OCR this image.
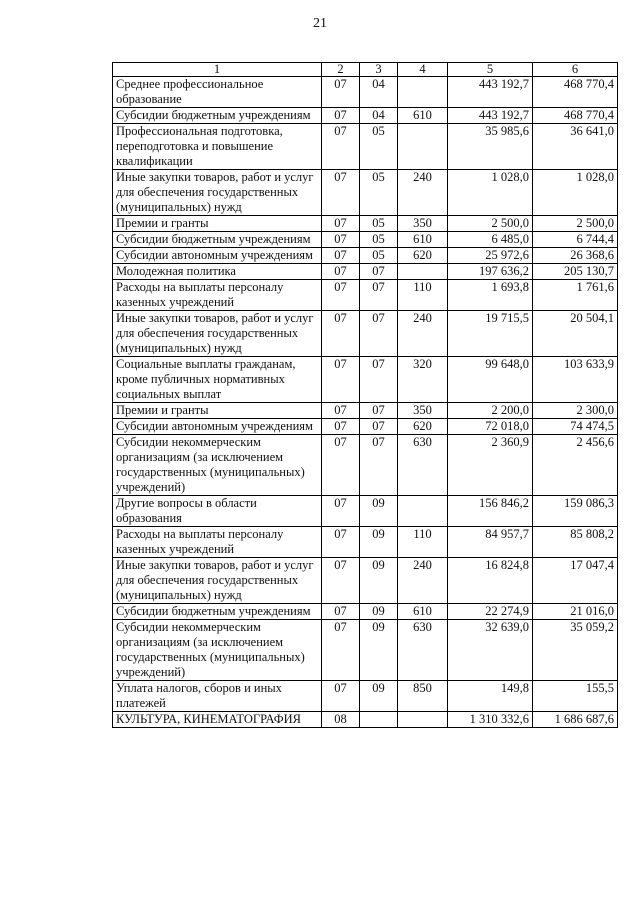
21
1	2	3	4	5	6
Среднее профессиональное образование	07	04		443 192,7	468 770,4
Субсидии бюджетным учреждениям	07	04	610	443 192,7	468 770,4
Профессиональная подготовка, переподготовка и повышение квалификации	07	05		35 985,6	36 641,0
Иные закупки товаров, работ и услуг для обеспечения государственных (муниципальных) нужд	07	05	240	1 028,0	1 028,0
Премии и гранты	07	05	350	2 500,0	2 500,0
Субсидии бюджетным учреждениям	07	05	610	6 485,0	6 744,4
Субсидии автономным учреждениям	07	05	620	25 972,6	26 368,6
Молодежная политика	07	07		197 636,2	205 130,7
Расходы на выплаты персоналу казенных учреждений	07	07	110	1 693,8	1 761,6
Иные закупки товаров, работ и услуг для обеспечения государственных (муниципальных) нужд	07	07	240	19 715,5	20 504,1
Социальные выплаты гражданам, кроме публичных нормативных социальных выплат	07	07	320	99 648,0	103 633,9
Премии и гранты	07	07	350	2 200,0	2 300,0
Субсидии автономным учреждениям	07	07	620	72 018,0	74 474,5
Субсидии некоммерческим организациям (за исключением государственных (муниципальных) учреждений)	07	07	630	2 360,9	2 456,6
Другие вопросы в области образования	07	09		156 846,2	159 086,3
Расходы на выплаты персоналу казенных учреждений	07	09	110	84 957,7	85 808,2
Иные закупки товаров, работ и услуг для обеспечения государственных (муниципальных) нужд	07	09	240	16 824,8	17 047,4
Субсидии бюджетным учреждениям	07	09	610	22 274,9	21 016,0
Субсидии некоммерческим организациям (за исключением государственных (муниципальных) учреждений)	07	09	630	32 639,0	35 059,2
Уплата налогов, сборов и иных платежей	07	09	850	149,8	155,5
КУЛЬТУРА, КИНЕМАТОГРАФИЯ	08			1 310 332,6	1 686 687,6
